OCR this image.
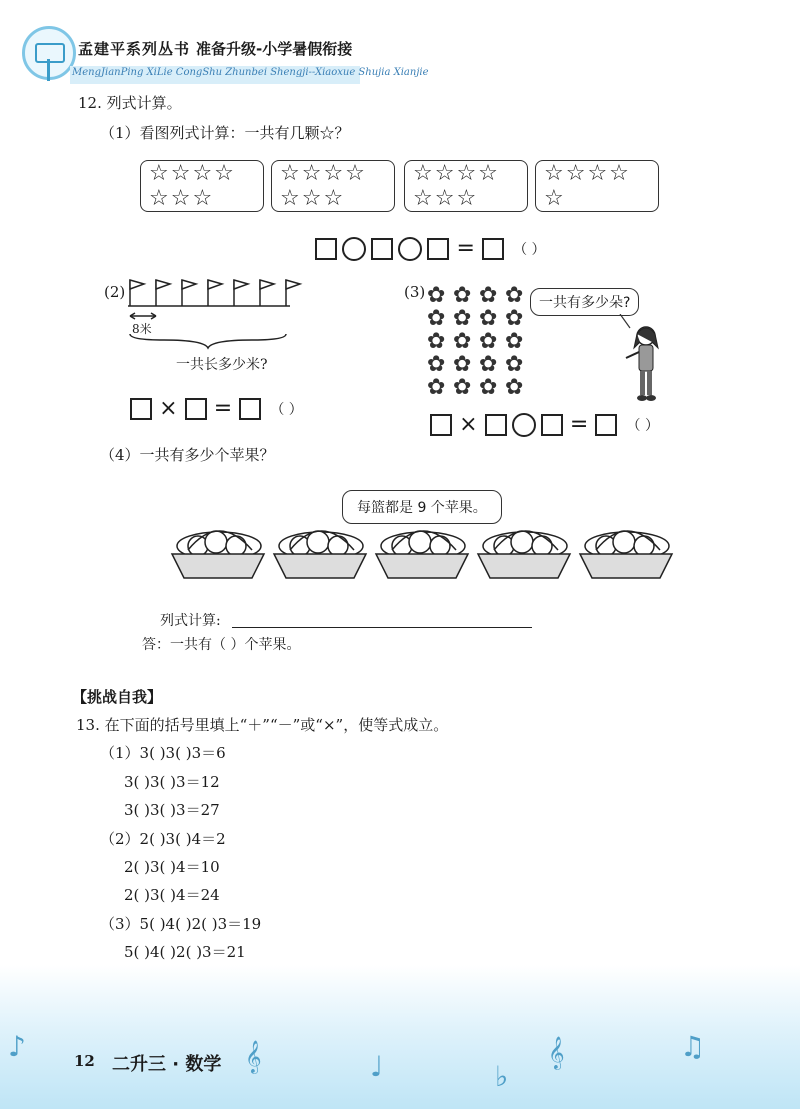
孟建平系列丛书 准备升级-小学暑假衔接
MengJianPing XiLie CongShu Zhunbei Shengji--Xiaoxue Shujia Xianjie
12. 列式计算。
（1）看图列式计算：一共有几颗☆？
☆☆☆☆
☆☆☆
☆☆☆☆
☆☆☆
☆☆☆☆
☆☆☆
☆☆☆☆
☆
=	（ ）
(2)
8米
一共长多少米?
× =	（ ）
(3) ✿ ✿ ✿ ✿
✿ ✿ ✿ ✿
✿ ✿ ✿ ✿
✿ ✿ ✿ ✿
✿ ✿ ✿ ✿
一共有多少朵?
×	=	（ ）
（4）一共有多少个苹果？
每篮都是 9 个苹果。
列式计算:
答：一共有（ ）个苹果。
【挑战自我】
13. 在下面的括号里填上“＋”“－”或“×”，使等式成立。
（1）3( )3( )3＝6
3( )3( )3＝12
3( )3( )3＝27
（2）2( )3( )4＝2
2( )3( )4＝10
2( )3( )4＝24
（3）5( )4( )2( )3＝19
5( )4( )2( )3＝21
♪	𝄞	♩	♭
𝄞	♫
12 二升三 · 数学
